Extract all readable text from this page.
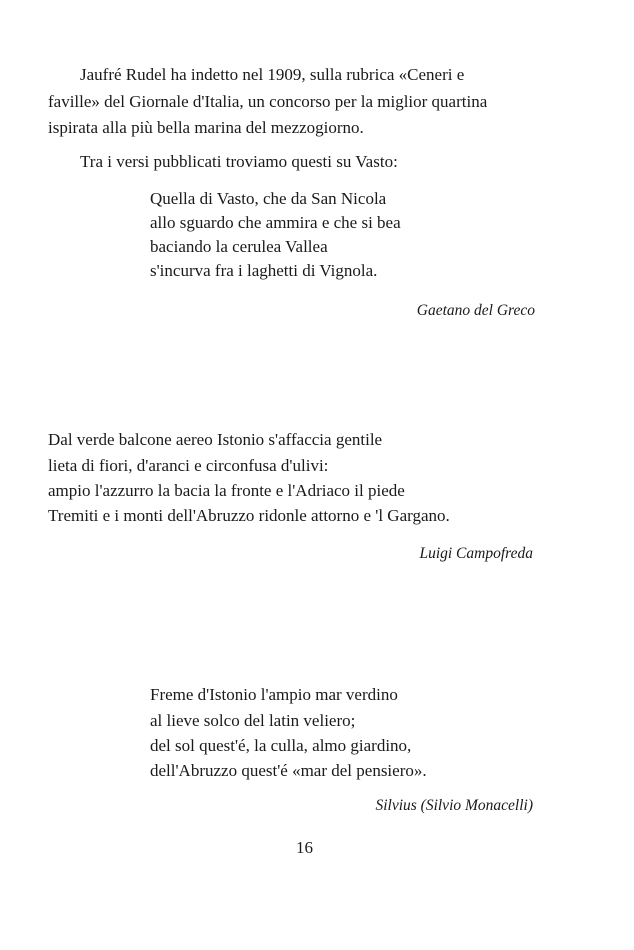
Jaufré Rudel ha indetto nel 1909, sulla rubrica «Ceneri e
faville» del Giornale d'Italia, un concorso per la miglior quartina
ispirata alla più bella marina del mezzogiorno.
Tra i versi pubblicati troviamo questi su Vasto:
Quella di Vasto, che da San Nicola
allo sguardo che ammira e che si bea
baciando la cerulea Vallea
s'incurva fra i laghetti di Vignola.
Gaetano del Greco
Dal verde balcone aereo Istonio s'affaccia gentile
lieta di fiori, d'aranci e circonfusa d'ulivi:
ampio l'azzurro la bacia la fronte e l'Adriaco il piede
Tremiti e i monti dell'Abruzzo ridonle attorno e 'l Gargano.
Luigi Campofreda
Freme d'Istonio l'ampio mar verdino
al lieve solco del latin veliero;
del sol quest'é, la culla, almo giardino,
dell'Abruzzo quest'é «mar del pensiero».
Silvius (Silvio Monacelli)
16
